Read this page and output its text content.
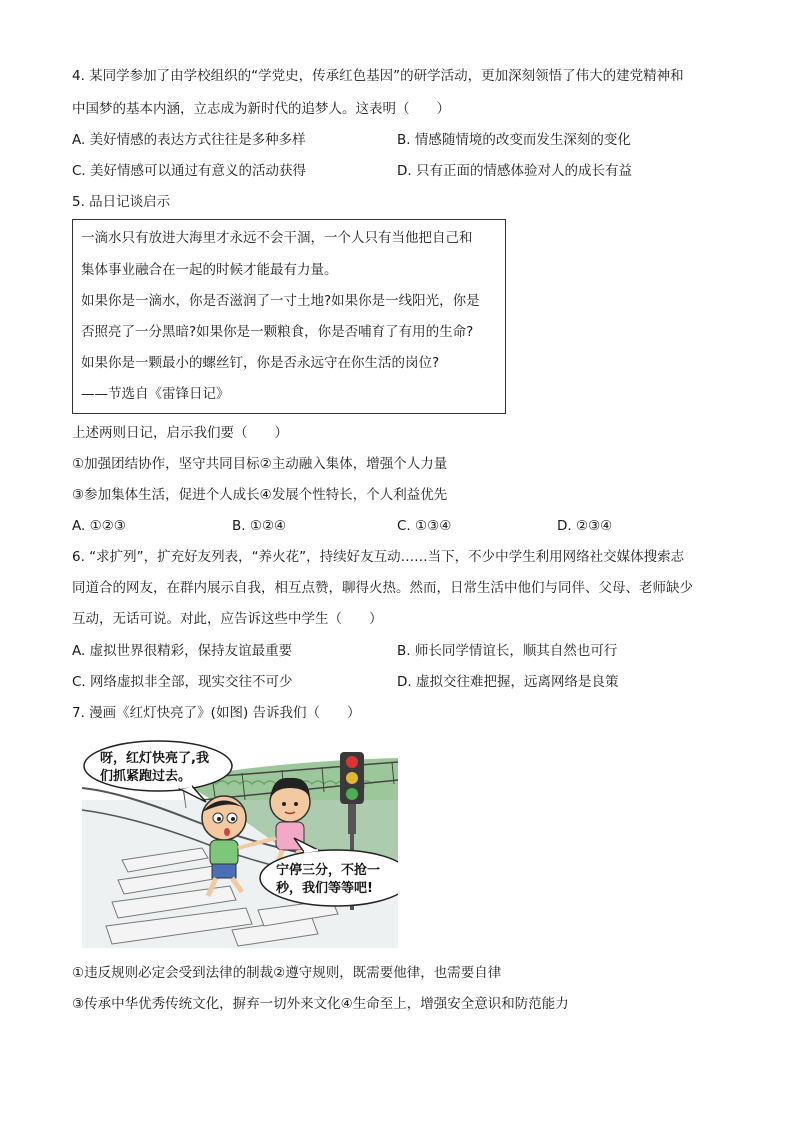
4. 某同学参加了由学校组织的“学党史，传承红色基因”的研学活动，更加深刻领悟了伟大的建党精神和
中国梦的基本内涵，立志成为新时代的追梦人。这表明（　　）
A. 美好情感的表达方式往往是多种多样	B. 情感随情境的改变而发生深刻的变化
C. 美好情感可以通过有意义的活动获得	D. 只有正面的情感体验对人的成长有益
5. 品日记谈启示
一滴水只有放进大海里才永远不会干涸，一个人只有当他把自己和
集体事业融合在一起的时候才能最有力量。
如果你是一滴水，你是否滋润了一寸土地?如果你是一线阳光，你是
否照亮了一分黑暗?如果你是一颗粮食，你是否哺育了有用的生命?
如果你是一颗最小的螺丝钉，你是否永远守在你生活的岗位?
——节选自《雷锋日记》
上述两则日记，启示我们要（　　）
①加强团结协作，坚守共同目标②主动融入集体，增强个人力量
③参加集体生活，促进个人成长④发展个性特长，个人利益优先
A. ①②③	B. ①②④	C. ①③④	D. ②③④
6. “求扩列”，扩充好友列表，“养火花”，持续好友互动……当下，不少中学生利用网络社交媒体搜索志
同道合的网友，在群内展示自我，相互点赞，聊得火热。然而，日常生活中他们与同伴、父母、老师缺少
互动，无话可说。对此，应告诉这些中学生（　　）
A. 虚拟世界很精彩，保持友谊最重要	B. 师长同学情谊长，顺其自然也可行
C. 网络虚拟非全部，现实交往不可少	D. 虚拟交往难把握，远离网络是良策
7. 漫画《红灯快亮了》(如图) 告诉我们（　　）
呀，红灯快亮了,我
们抓紧跑过去。
宁停三分，不抢一
秒，我们等等吧!
①违反规则必定会受到法律的制裁②遵守规则，既需要他律，也需要自律
③传承中华优秀传统文化，摒弃一切外来文化④生命至上，增强安全意识和防范能力
